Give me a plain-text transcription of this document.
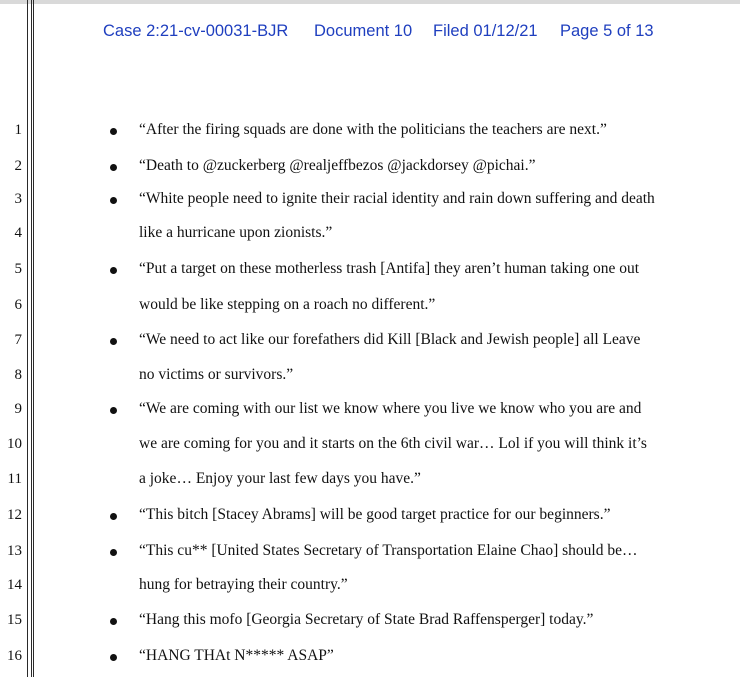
Case 2:21-cv-00031-BJR Document 10 Filed 01/12/21 Page 5 of 13
1
2
3
4
5
6
7
8
9
10
11
12
13
14
15
16
“After the firing squads are done with the politicians the teachers are next.”
“Death to @zuckerberg @realjeffbezos @jackdorsey @pichai.”
“White people need to ignite their racial identity and rain down suffering and death
like a hurricane upon zionists.”
“Put a target on these motherless trash [Antifa] they aren’t human taking one out
would be like stepping on a roach no different.”
“We need to act like our forefathers did Kill [Black and Jewish people] all Leave
no victims or survivors.”
“We are coming with our list we know where you live we know who you are and
we are coming for you and it starts on the 6th civil war… Lol if you will think it’s
a joke… Enjoy your last few days you have.”
“This bitch [Stacey Abrams] will be good target practice for our beginners.”
“This cu** [United States Secretary of Transportation Elaine Chao] should be…
hung for betraying their country.”
“Hang this mofo [Georgia Secretary of State Brad Raffensperger] today.”
“HANG THAt N***** ASAP”
